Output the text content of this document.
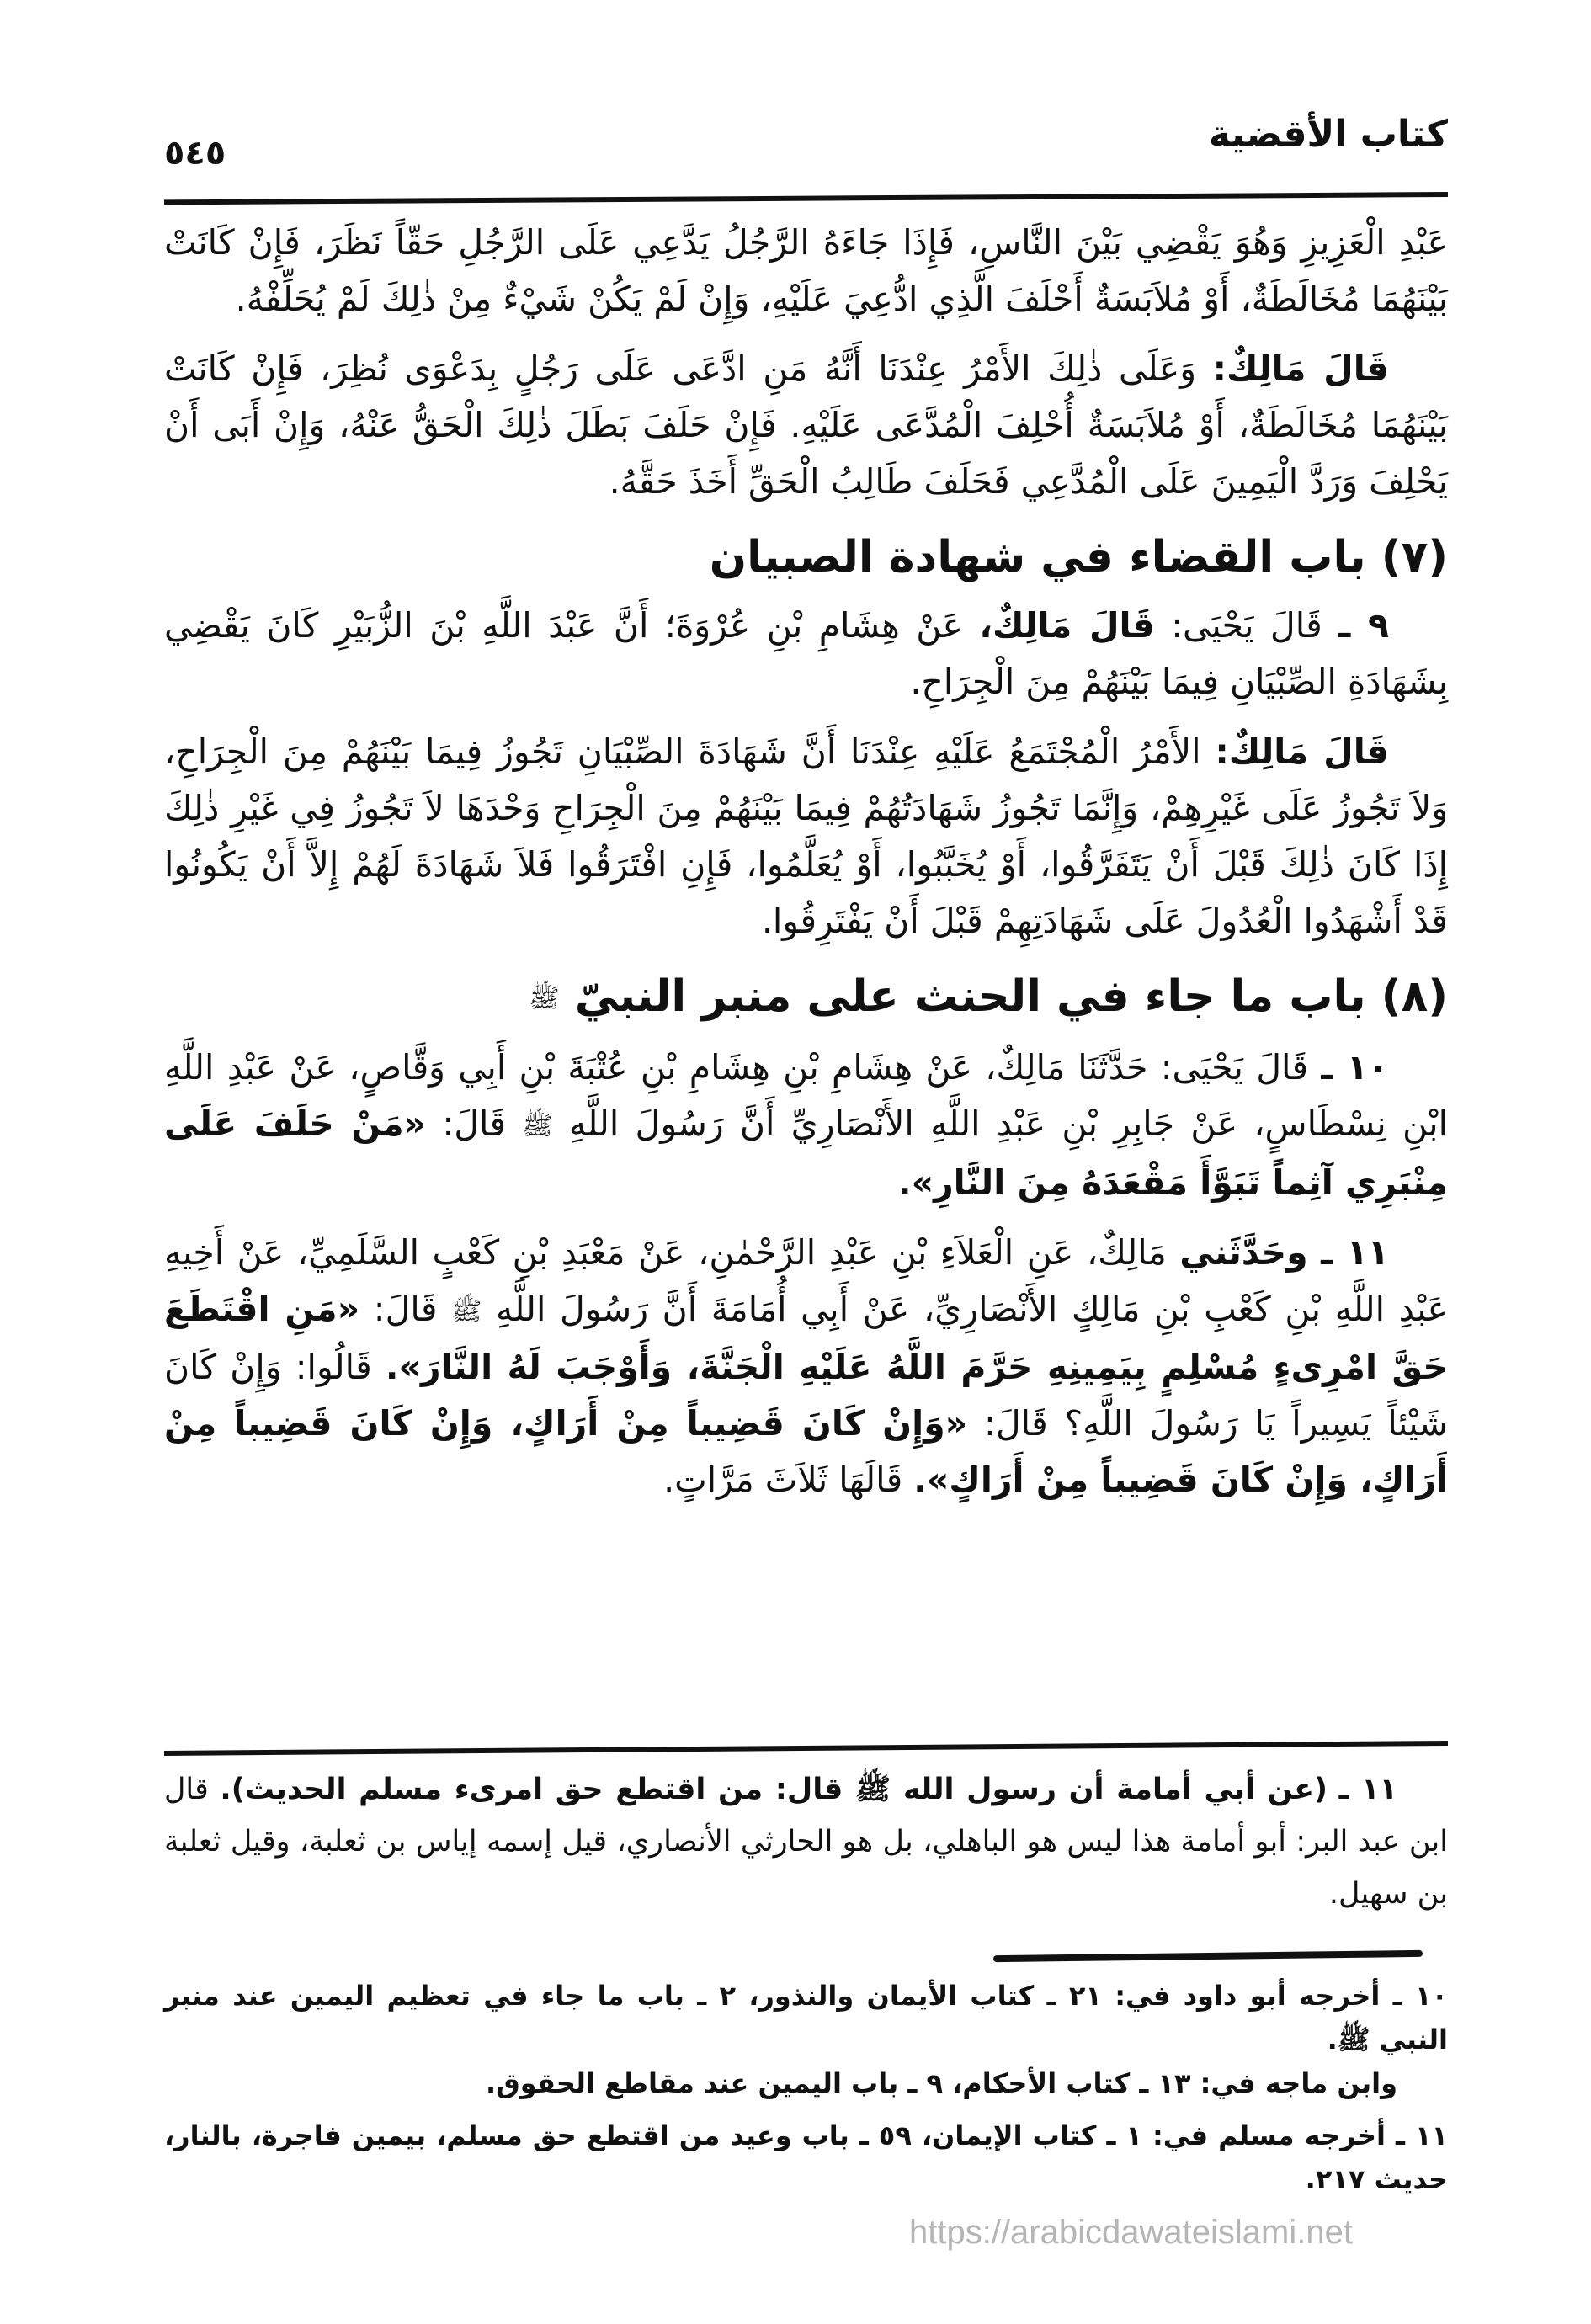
كتاب الأقضية
٥٤٥

عَبْدِ الْعَزِيزِ وَهُوَ يَقْضِي بَيْنَ النَّاسِ، فَإِذَا جَاءَهُ الرَّجُلُ يَدَّعِي عَلَى الرَّجُلِ حَقّاً نَظَرَ، فَإِنْ كَانَتْ بَيْنَهُمَا مُخَالَطَةٌ، أَوْ مُلاَبَسَةٌ أَحْلَفَ الَّذِي ادُّعِيَ عَلَيْهِ، وَإِنْ لَمْ يَكُنْ شَيْءٌ مِنْ ذٰلِكَ لَمْ يُحَلِّفْهُ.

قَالَ مَالِكٌ: وَعَلَى ذٰلِكَ الأَمْرُ عِنْدَنَا أَنَّهُ مَنِ ادَّعَى عَلَى رَجُلٍ بِدَعْوَى نُظِرَ، فَإِنْ كَانَتْ بَيْنَهُمَا مُخَالَطَةٌ، أَوْ مُلاَبَسَةٌ أُحْلِفَ الْمُدَّعَى عَلَيْهِ. فَإِنْ حَلَفَ بَطَلَ ذٰلِكَ الْحَقُّ عَنْهُ، وَإِنْ أَبَى أَنْ يَحْلِفَ وَرَدَّ الْيَمِينَ عَلَى الْمُدَّعِي فَحَلَفَ طَالِبُ الْحَقِّ أَخَذَ حَقَّهُ.

(٧) باب القضاء في شهادة الصبيان

٩ ـ قَالَ يَحْيَى: قَالَ مَالِكٌ، عَنْ هِشَامِ بْنِ عُرْوَةَ؛ أَنَّ عَبْدَ اللَّهِ بْنَ الزُّبَيْرِ كَانَ يَقْضِي بِشَهَادَةِ الصِّبْيَانِ فِيمَا بَيْنَهُمْ مِنَ الْجِرَاحِ.

قَالَ مَالِكٌ: الأَمْرُ الْمُجْتَمَعُ عَلَيْهِ عِنْدَنَا أَنَّ شَهَادَةَ الصِّبْيَانِ تَجُوزُ فِيمَا بَيْنَهُمْ مِنَ الْجِرَاحِ، وَلاَ تَجُوزُ عَلَى غَيْرِهِمْ، وَإِنَّمَا تَجُوزُ شَهَادَتُهُمْ فِيمَا بَيْنَهُمْ مِنَ الْجِرَاحِ وَحْدَهَا لاَ تَجُوزُ فِي غَيْرِ ذٰلِكَ إِذَا كَانَ ذٰلِكَ قَبْلَ أَنْ يَتَفَرَّقُوا، أَوْ يُخَبَّبُوا، أَوْ يُعَلَّمُوا، فَإِنِ افْتَرَقُوا فَلاَ شَهَادَةَ لَهُمْ إِلاَّ أَنْ يَكُونُوا قَدْ أَشْهَدُوا الْعُدُولَ عَلَى شَهَادَتِهِمْ قَبْلَ أَنْ يَفْتَرِقُوا.

(٨) باب ما جاء في الحنث على منبر النبيّ ﷺ

١٠ ـ قَالَ يَحْيَى: حَدَّثَنَا مَالِكٌ، عَنْ هِشَامِ بْنِ هِشَامِ بْنِ عُتْبَةَ بْنِ أَبِي وَقَّاصٍ، عَنْ عَبْدِ اللَّهِ ابْنِ نِسْطَاسٍ، عَنْ جَابِرِ بْنِ عَبْدِ اللَّهِ الأَنْصَارِيِّ أَنَّ رَسُولَ اللَّهِ ﷺ قَالَ: «مَنْ حَلَفَ عَلَى مِنْبَرِي آثِماً تَبَوَّأَ مَقْعَدَهُ مِنَ النَّارِ».

١١ ـ وحَدَّثَني مَالِكٌ، عَنِ الْعَلاَءِ بْنِ عَبْدِ الرَّحْمٰنِ، عَنْ مَعْبَدِ بْنِ كَعْبٍ السَّلَمِيِّ، عَنْ أَخِيهِ عَبْدِ اللَّهِ بْنِ كَعْبِ بْنِ مَالِكٍ الأَنْصَارِيِّ، عَنْ أَبِي أُمَامَةَ أَنَّ رَسُولَ اللَّهِ ﷺ قَالَ: «مَنِ اقْتَطَعَ حَقَّ امْرِىءٍ مُسْلِمٍ بِيَمِينِهِ حَرَّمَ اللَّهُ عَلَيْهِ الْجَنَّةَ، وَأَوْجَبَ لَهُ النَّارَ». قَالُوا: وَإِنْ كَانَ شَيْئاً يَسِيراً يَا رَسُولَ اللَّهِ؟ قَالَ: «وَإِنْ كَانَ قَضِيباً مِنْ أَرَاكٍ، وَإِنْ كَانَ قَضِيباً مِنْ أَرَاكٍ، وَإِنْ كَانَ قَضِيباً مِنْ أَرَاكٍ». قَالَهَا ثَلاَثَ مَرَّاتٍ.

١١ ـ (عن أبي أمامة أن رسول الله ﷺ قال: من اقتطع حق امرىء مسلم الحديث). قال ابن عبد البر: أبو أمامة هذا ليس هو الباهلي، بل هو الحارثي الأنصاري، قيل إسمه إياس بن ثعلبة، وقيل ثعلبة بن سهيل.

١٠ ـ أخرجه أبو داود في: ٢١ ـ كتاب الأيمان والنذور، ٢ ـ باب ما جاء في تعظيم اليمين عند منبر النبي ﷺ.
وابن ماجه في: ١٣ ـ كتاب الأحكام، ٩ ـ باب اليمين عند مقاطع الحقوق.

١١ ـ أخرجه مسلم في: ١ ـ كتاب الإيمان، ٥٩ ـ باب وعيد من اقتطع حق مسلم، بيمين فاجرة، بالنار، حديث ٢١٧.

https://arabicdawateislami.net
